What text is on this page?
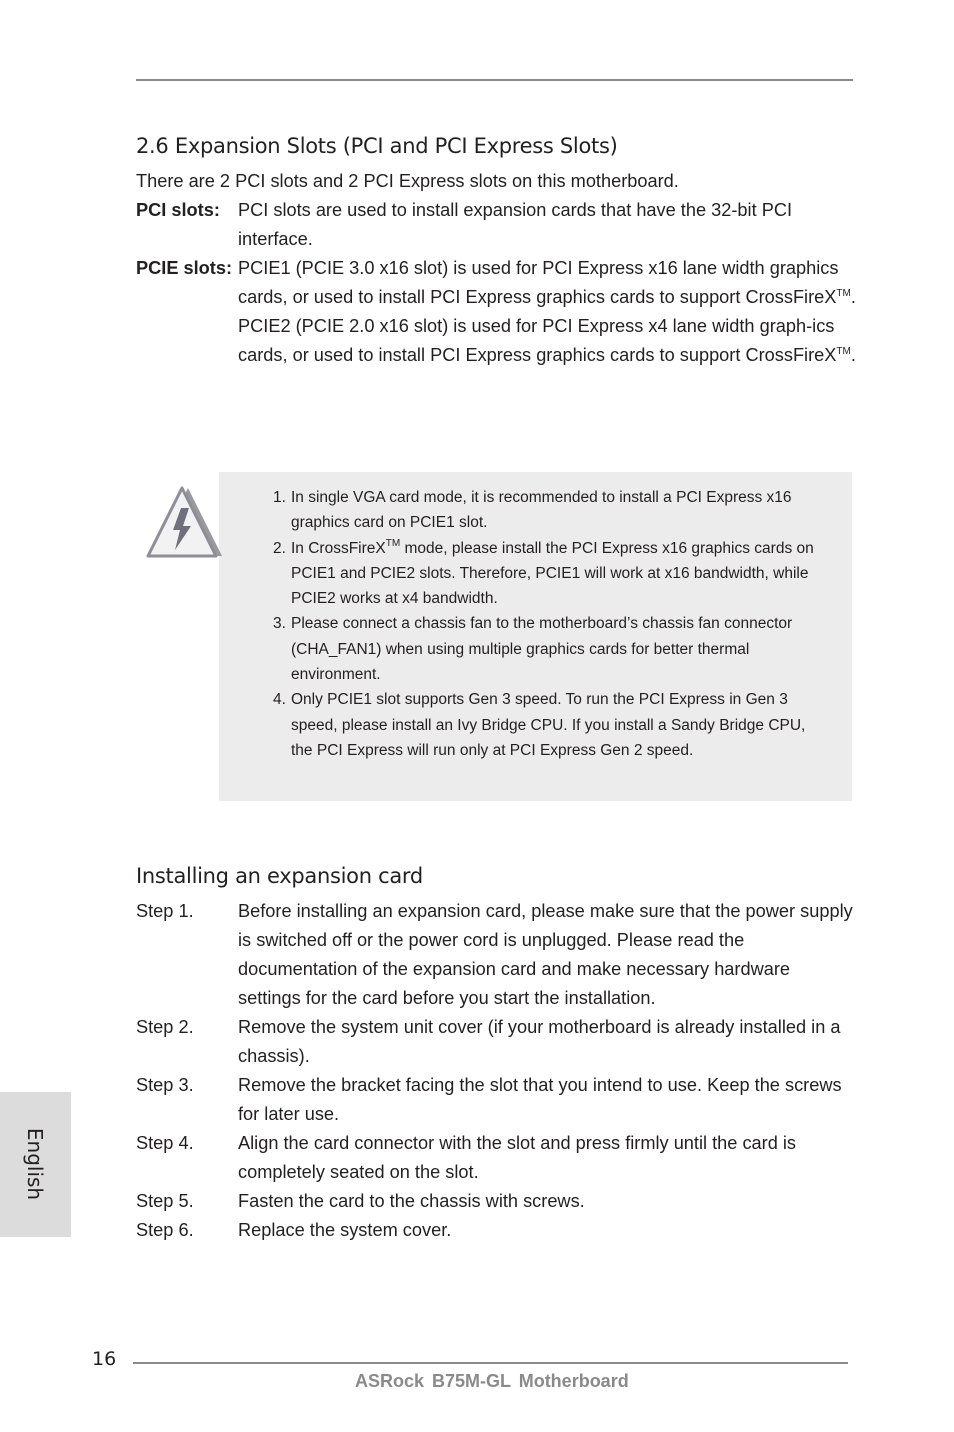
2.6 Expansion Slots (PCI and PCI Express Slots)
There are 2 PCI slots and 2 PCI Express slots on this motherboard.
PCI slots: PCI slots are used to install expansion cards that have the 32-bit PCI interface.

PCIE slots: PCIE1 (PCIE 3.0 x16 slot) is used for PCI Express x16 lane width graphics cards, or used to install PCI Express graphics cards to support CrossFireX™.

PCIE2 (PCIE 2.0 x16 slot) is used for PCI Express x4 lane width graph-ics cards, or used to install PCI Express graphics cards to support CrossFireX™.

1. In single VGA card mode, it is recommended to install a PCI Express x16 graphics card on PCIE1 slot.
2. In CrossFireX™ mode, please install the PCI Express x16 graphics cards on PCIE1 and PCIE2 slots. Therefore, PCIE1 will work at x16 bandwidth, while PCIE2 works at x4 bandwidth.
3. Please connect a chassis fan to the motherboard’s chassis fan connector (CHA_FAN1) when using multiple graphics cards for better thermal environment.
4. Only PCIE1 slot supports Gen 3 speed. To run the PCI Express in Gen 3 speed, please install an Ivy Bridge CPU. If you install a Sandy Bridge CPU, the PCI Express will run only at PCI Express Gen 2 speed.
Installing an expansion card
Step 1. Before installing an expansion card, please make sure that the power supply is switched off or the power cord is unplugged. Please read the documentation of the expansion card and make necessary hardware settings for the card before you start the installation.
Step 2. Remove the system unit cover (if your motherboard is already installed in a chassis).
Step 3. Remove the bracket facing the slot that you intend to use. Keep the screws for later use.
Step 4. Align the card connector with the slot and press firmly until the card is completely seated on the slot.
Step 5. Fasten the card to the chassis with screws.
Step 6. Replace the system cover.
English
16
ASRock B75M-GL Motherboard
